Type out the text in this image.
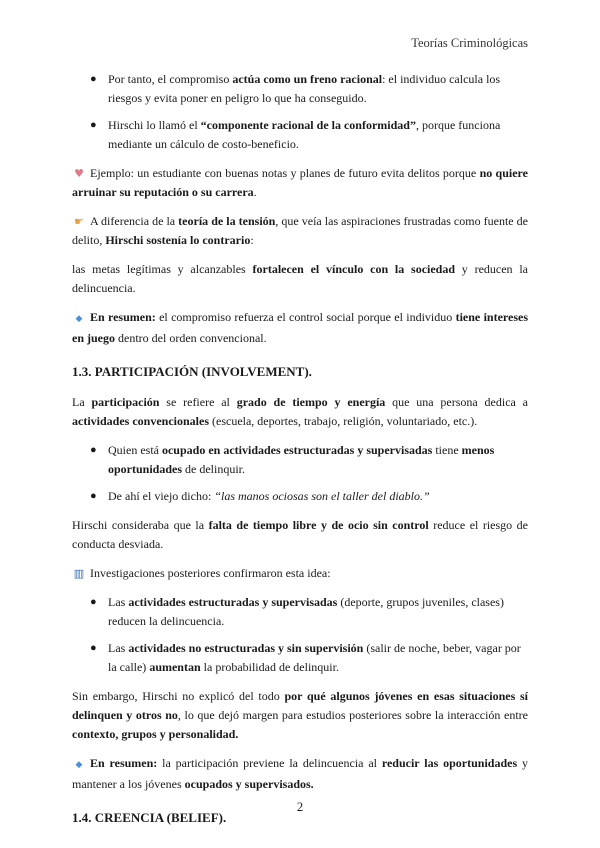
Teorías Criminológicas
● Por tanto, el compromiso actúa como un freno racional: el individuo calcula los riesgos y evita poner en peligro lo que ha conseguido.
● Hirschi lo llamó el “componente racional de la conformidad”, porque funciona mediante un cálculo de costo-beneficio.

♥ Ejemplo: un estudiante con buenas notas y planes de futuro evita delitos porque no quiere arruinar su reputación o su carrera.

☛ A diferencia de la teoría de la tensión, que veía las aspiraciones frustradas como fuente de delito, Hirschi sostenía lo contrario:

las metas legítimas y alcanzables fortalecen el vínculo con la sociedad y reducen la delincuencia.

◆ En resumen: el compromiso refuerza el control social porque el individuo tiene intereses en juego dentro del orden convencional.

1.3. PARTICIPACIÓN (INVOLVEMENT).

La participación se refiere al grado de tiempo y energía que una persona dedica a actividades convencionales (escuela, deportes, trabajo, religión, voluntariado, etc.).

● Quien está ocupado en actividades estructuradas y supervisadas tiene menos oportunidades de delinquir.
● De ahí el viejo dicho: “las manos ociosas son el taller del diablo.”

Hirschi consideraba que la falta de tiempo libre y de ocio sin control reduce el riesgo de conducta desviada.

▥ Investigaciones posteriores confirmaron esta idea:

● Las actividades estructuradas y supervisadas (deporte, grupos juveniles, clases) reducen la delincuencia.
● Las actividades no estructuradas y sin supervisión (salir de noche, beber, vagar por la calle) aumentan la probabilidad de delinquir.

Sin embargo, Hirschi no explicó del todo por qué algunos jóvenes en esas situaciones sí delinquen y otros no, lo que dejó margen para estudios posteriores sobre la interacción entre contexto, grupos y personalidad.

◆ En resumen: la participación previene la delincuencia al reducir las oportunidades y mantener a los jóvenes ocupados y supervisados.

1.4. CREENCIA (BELIEF).
2
